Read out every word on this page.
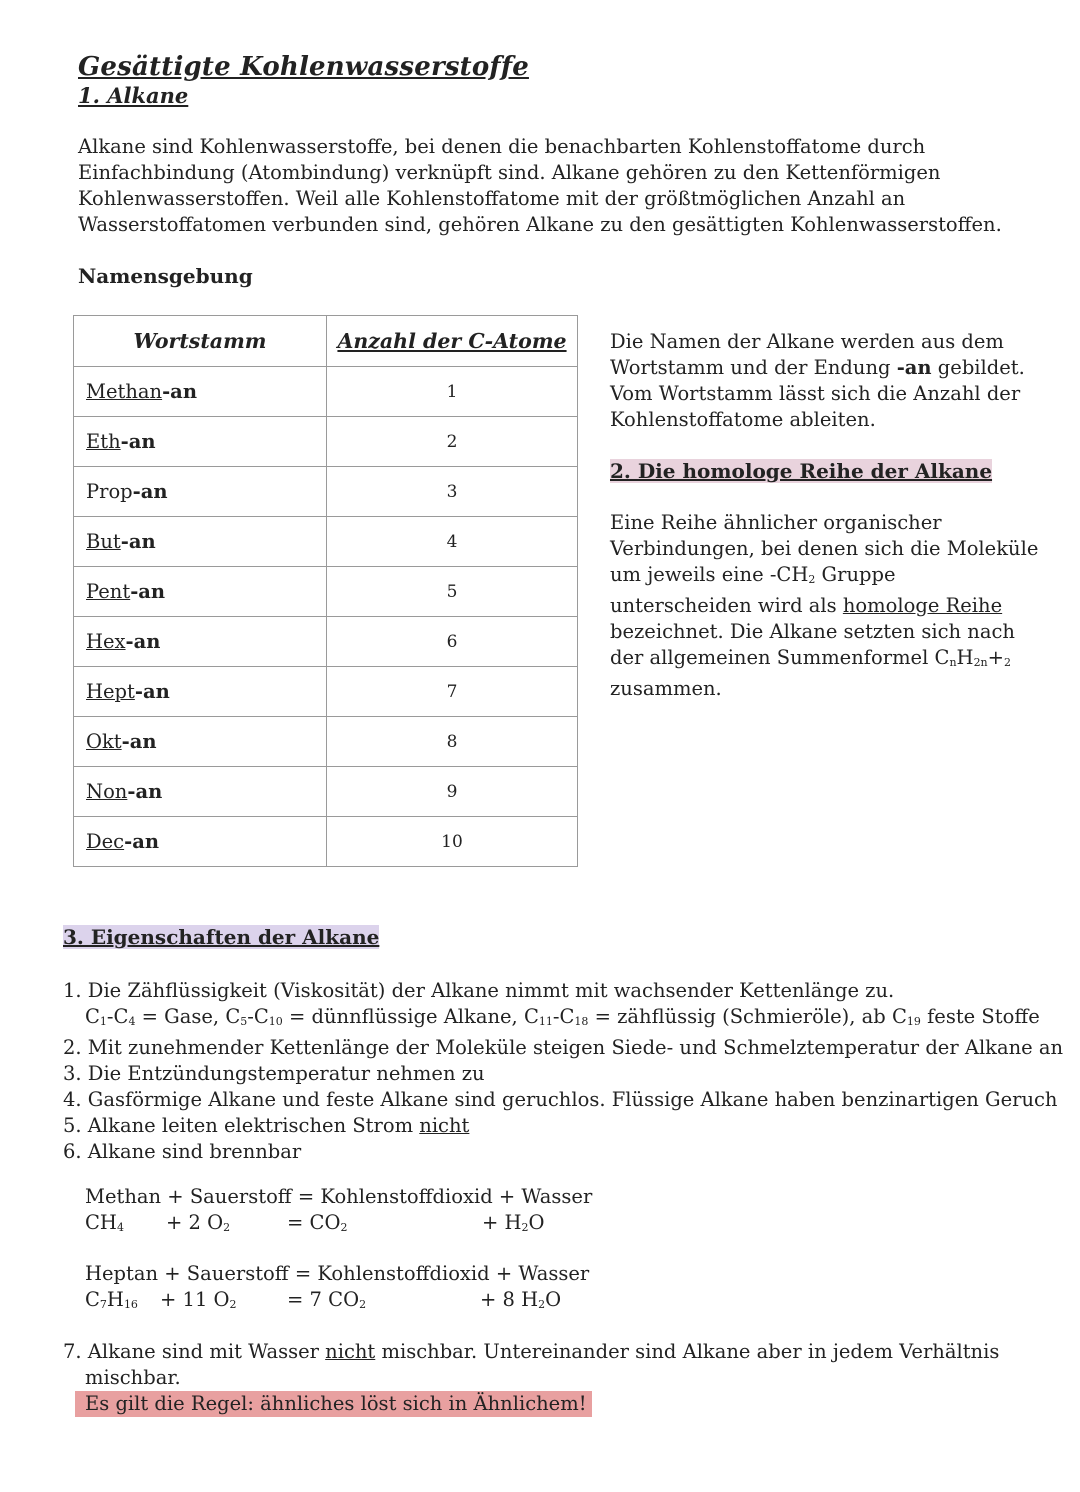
Gesättigte Kohlenwasserstoffe
1. Alkane
Alkane sind Kohlenwasserstoffe, bei denen die benachbarten Kohlenstoffatome durch Einfachbindung (Atombindung) verknüpft sind. Alkane gehören zu den Kettenförmigen Kohlenwasserstoffen. Weil alle Kohlenstoffatome mit der größtmöglichen Anzahl an Wasserstoffatomen verbunden sind, gehören Alkane zu den gesättigten Kohlenwasserstoffen.
Namensgebung
Wortstamm	Anzahl der C-Atome
Methan-an	1
Eth-an	2
Prop-an	3
But-an	4
Pent-an	5
Hex-an	6
Hept-an	7
Okt-an	8
Non-an	9
Dec-an	10
Die Namen der Alkane werden aus dem Wortstamm und der Endung -an gebildet. Vom Wortstamm lässt sich die Anzahl der Kohlenstoffatome ableiten.
2. Die homologe Reihe der Alkane
Eine Reihe ähnlicher organischer Verbindungen, bei denen sich die Moleküle um jeweils eine $-CH_2$ Gruppe unterscheiden wird als homologe Reihe bezeichnet. Die Alkane setzten sich nach der allgemeinen Summenformel $C_nH_{2n}+_2$ zusammen.
3. Eigenschaften der Alkane
1. Die Zähflüssigkeit (Viskosität) der Alkane nimmt mit wachsender Kettenlänge zu.
$C_1-C_4$ = Gase, $C_5-C_{10}$ = dünnflüssige Alkane, $C_{11}-C_{18}$ = zähflüssig (Schmieröle), ab $C_{19}$ feste Stoffe
2. Mit zunehmender Kettenlänge der Moleküle steigen Siede- und Schmelztemperatur der Alkane an
3. Die Entzündungstemperatur nehmen zu
4. Gasförmige Alkane und feste Alkane sind geruchlos. Flüssige Alkane haben benzinartigen Geruch
5. Alkane leiten elektrischen Strom nicht
6. Alkane sind brennbar
Methan + Sauerstoff = Kohlenstoffdioxid + Wasser
$CH_4 + 2$ $O_2$	= $CO_2$	+ $H_2O$
Heptan + Sauerstoff = Kohlenstoffdioxid + Wasser
$C_7H_{16} + 11$ $O_2$	= 7 $CO_2$	+ 8 $H_2O$
7. Alkane sind mit Wasser nicht mischbar. Untereinander sind Alkane aber in jedem Verhältnis
mischbar.
Es gilt die Regel: ähnliches löst sich in Ähnlichem!
